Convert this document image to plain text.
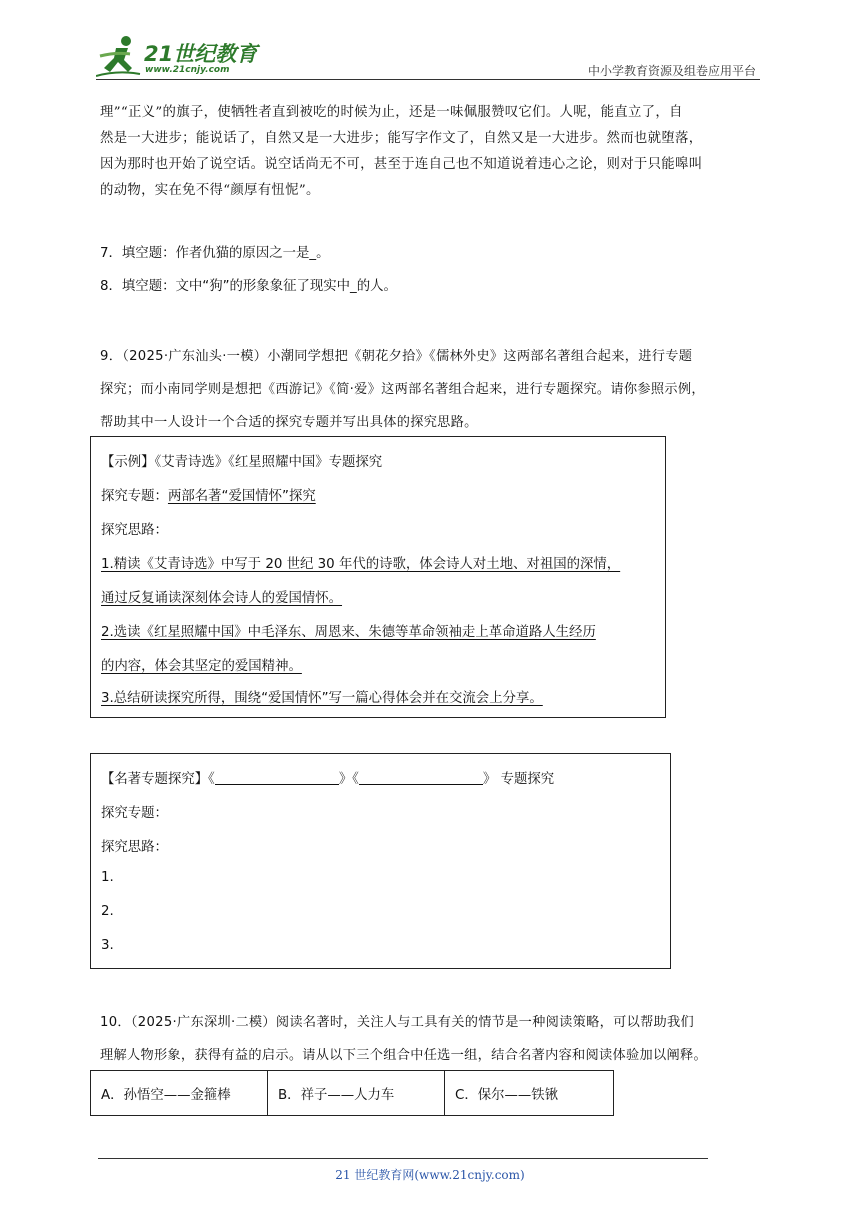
21世纪教育
www.21cnjy.com	中小学教育资源及组卷应用平台

理”“正义”的旗子，使牺牲者直到被吃的时候为止，还是一味佩服赞叹它们。人呢，能直立了，自

然是一大进步；能说话了，自然又是一大进步；能写字作文了，自然又是一大进步。然而也就堕落，

因为那时也开始了说空话。说空话尚无不可，甚至于连自己也不知道说着违心之论，则对于只能嗥叫

的动物，实在免不得“颜厚有忸怩”。

7．填空题：作者仇猫的原因之一是_。
8．填空题：文中“狗”的形象象征了现实中_的人。

9．（2025·广东汕头·一模）小潮同学想把《朝花夕拾》《儒林外史》这两部名著组合起来，进行专题

探究；而小南同学则是想把《西游记》《简·爱》这两部名著组合起来，进行专题探究。请你参照示例，

帮助其中一人设计一个合适的探究专题并写出具体的探究思路。

【示例】《艾青诗选》《红星照耀中国》专题探究
探究专题：两部名著“爱国情怀”探究
探究思路：
1.精读《艾青诗选》中写于 20 世纪 30 年代的诗歌，体会诗人对土地、对祖国的深情，
通过反复诵读深刻体会诗人的爱国情怀。
2.选读《红星照耀中国》中毛泽东、周恩来、朱德等革命领袖走上革命道路人生经历
的内容，体会其坚定的爱国精神。
3.总结研读探究所得，围绕“爱国情怀”写一篇心得体会并在交流会上分享。
【名著专题探究】《	》《	》 专题探究
探究专题：
探究思路：
1.
2.
3.

10．（2025·广东深圳·二模）阅读名著时，关注人与工具有关的情节是一种阅读策略，可以帮助我们

理解人物形象，获得有益的启示。请从以下三个组合中任选一组，结合名著内容和阅读体验加以阐释。

A．孙悟空——金箍棒	B．祥子——人力车	C．保尔——铁锹
21 世纪教育网(www.21cnjy.com)
